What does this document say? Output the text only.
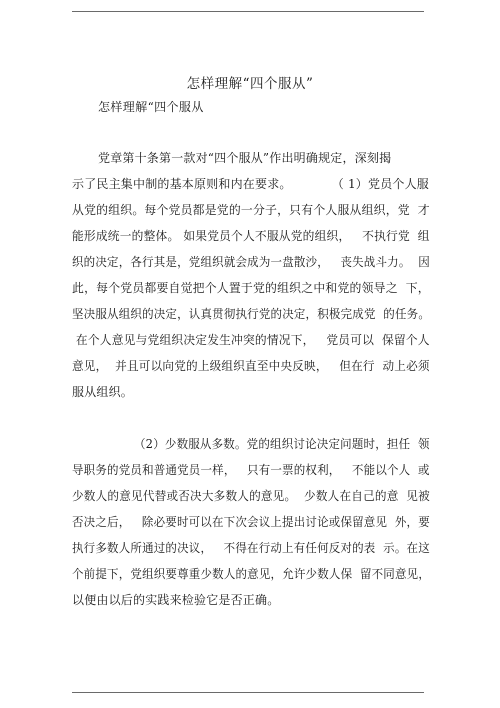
怎样理解“四个服从”
怎样理解“四个服从
党章第十条第一款对“四个服从”作出明确规定，深刻揭
示了民主集中制的基本原则和内在要求。          （ 1）党员个人服
从党的组织。每个党员都是党的一分子，只有个人服从组织，党  才
能形成统一的整体。 如果党员个人不服从党的组织，   不执行党  组
织的决定，各行其是，党组织就会成为一盘散沙，   丧失战斗力。  因
此，每个党员都要自觉把个人置于党的组织之中和党的领导之  下，
坚决服从组织的决定，认真贯彻执行党的决定，积极完成党  的任务。
在个人意见与党组织决定发生冲突的情况下，   党员可以  保留个人
意见，  并且可以向党的上级组织直至中央反映，   但在行  动上必须
服从组织。
（2）少数服从多数。党的组织讨论决定问题时，担任  领
导职务的党员和普通党员一样，   只有一票的权利，   不能以个人  或
少数人的意见代替或否决大多数人的意见。  少数人在自己的意  见被
否决之后，   除必要时可以在下次会议上提出讨论或保留意见  外，要
执行多数人所通过的决议，   不得在行动上有任何反对的表  示。在这
个前提下，党组织要尊重少数人的意见，允许少数人保  留不同意见，
以便由以后的实践来检验它是否正确。
